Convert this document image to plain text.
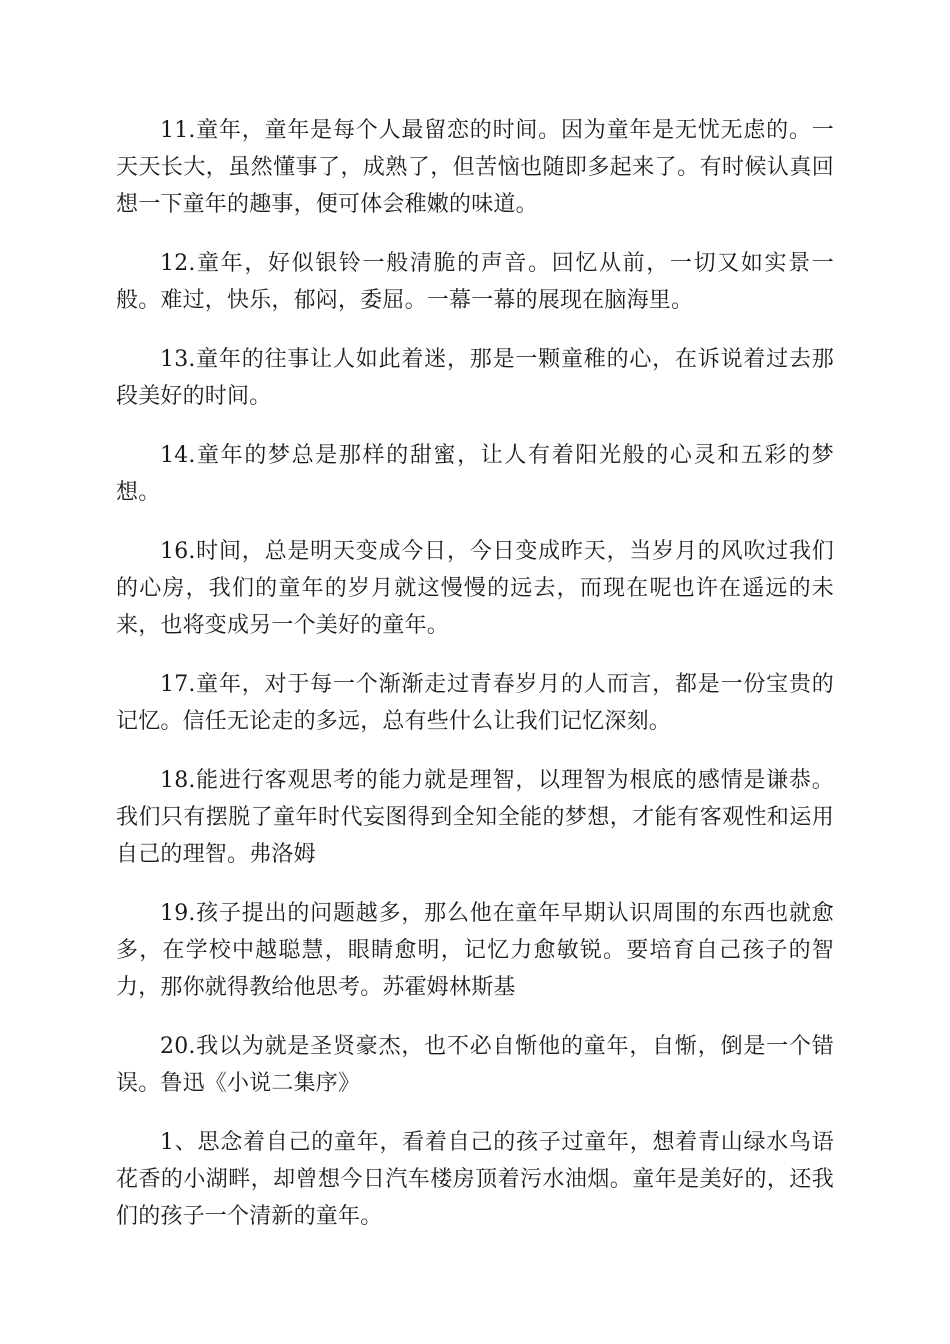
11.童年，童年是每个人最留恋的时间。因为童年是无忧无虑的。一天天长大，虽然懂事了，成熟了，但苦恼也随即多起来了。有时候认真回想一下童年的趣事，便可体会稚嫩的味道。

12.童年，好似银铃一般清脆的声音。回忆从前，一切又如实景一般。难过，快乐，郁闷，委屈。一幕一幕的展现在脑海里。

13.童年的往事让人如此着迷，那是一颗童稚的心，在诉说着过去那段美好的时间。

14.童年的梦总是那样的甜蜜，让人有着阳光般的心灵和五彩的梦想。

16.时间，总是明天变成今日，今日变成昨天，当岁月的风吹过我们的心房，我们的童年的岁月就这慢慢的远去，而现在呢也许在遥远的未来，也将变成另一个美好的童年。

17.童年，对于每一个渐渐走过青春岁月的人而言，都是一份宝贵的记忆。信任无论走的多远，总有些什么让我们记忆深刻。

18.能进行客观思考的能力就是理智，以理智为根底的感情是谦恭。我们只有摆脱了童年时代妄图得到全知全能的梦想，才能有客观性和运用自己的理智。弗洛姆

19.孩子提出的问题越多，那么他在童年早期认识周围的东西也就愈多，在学校中越聪慧，眼睛愈明，记忆力愈敏锐。要培育自己孩子的智力，那你就得教给他思考。苏霍姆林斯基

20.我以为就是圣贤豪杰，也不必自惭他的童年，自惭，倒是一个错误。鲁迅《小说二集序》

1、思念着自己的童年，看着自己的孩子过童年，想着青山绿水鸟语花香的小湖畔，却曾想今日汽车楼房顶着污水油烟。童年是美好的，还我们的孩子一个清新的童年。
